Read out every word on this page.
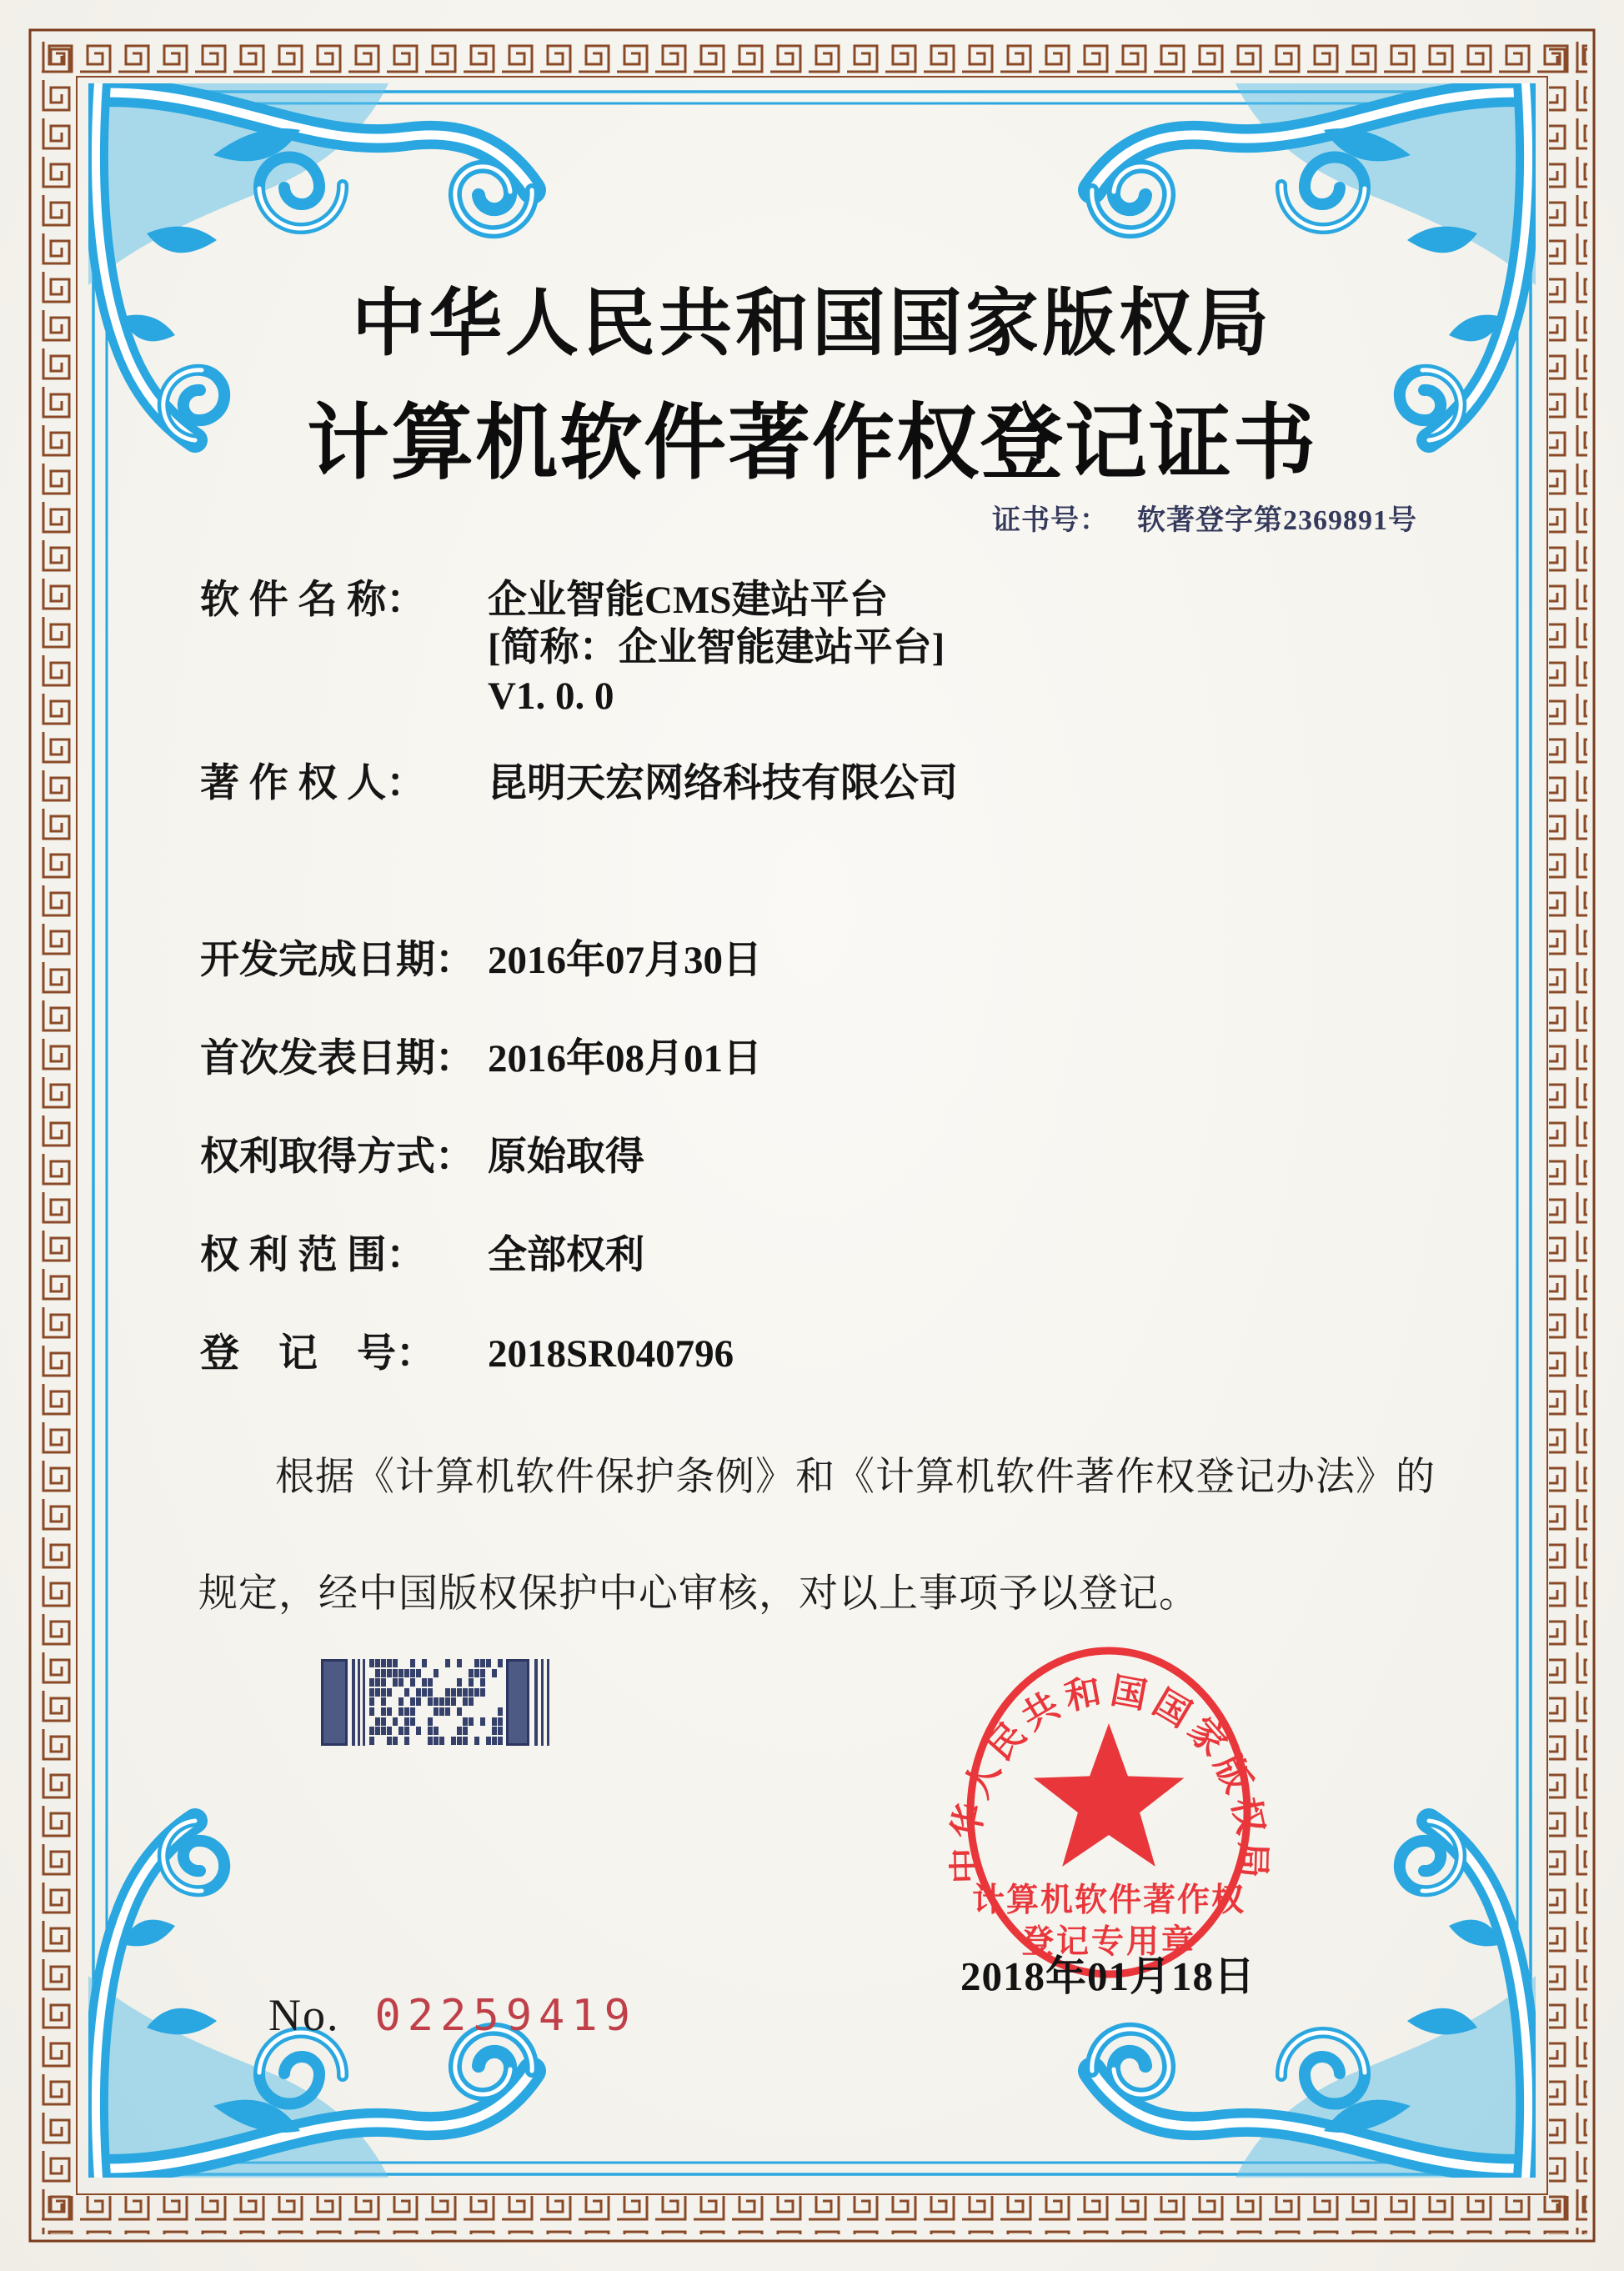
中华人民共和国国家版权局
计算机软件著作权登记证书
证书号： 软著登字第2369891号
软 件 名 称：	企业智能CMS建站平台
[简称：企业智能建站平台]
V1. 0. 0
著 作 权 人：	昆明天宏网络科技有限公司
开发完成日期： 2016年07月30日
首次发表日期： 2016年08月01日
权利取得方式： 原始取得
权 利 范 围：	全部权利
登　记　号：	2018SR040796
根据《计算机软件保护条例》和《计算机软件著作权登记办法》的
规定，经中国版权保护中心审核，对以上事项予以登记。
中华人民共和国国家版权局
计算机软件著作权
登记专用章
2018年01月18日
No. 02259419
